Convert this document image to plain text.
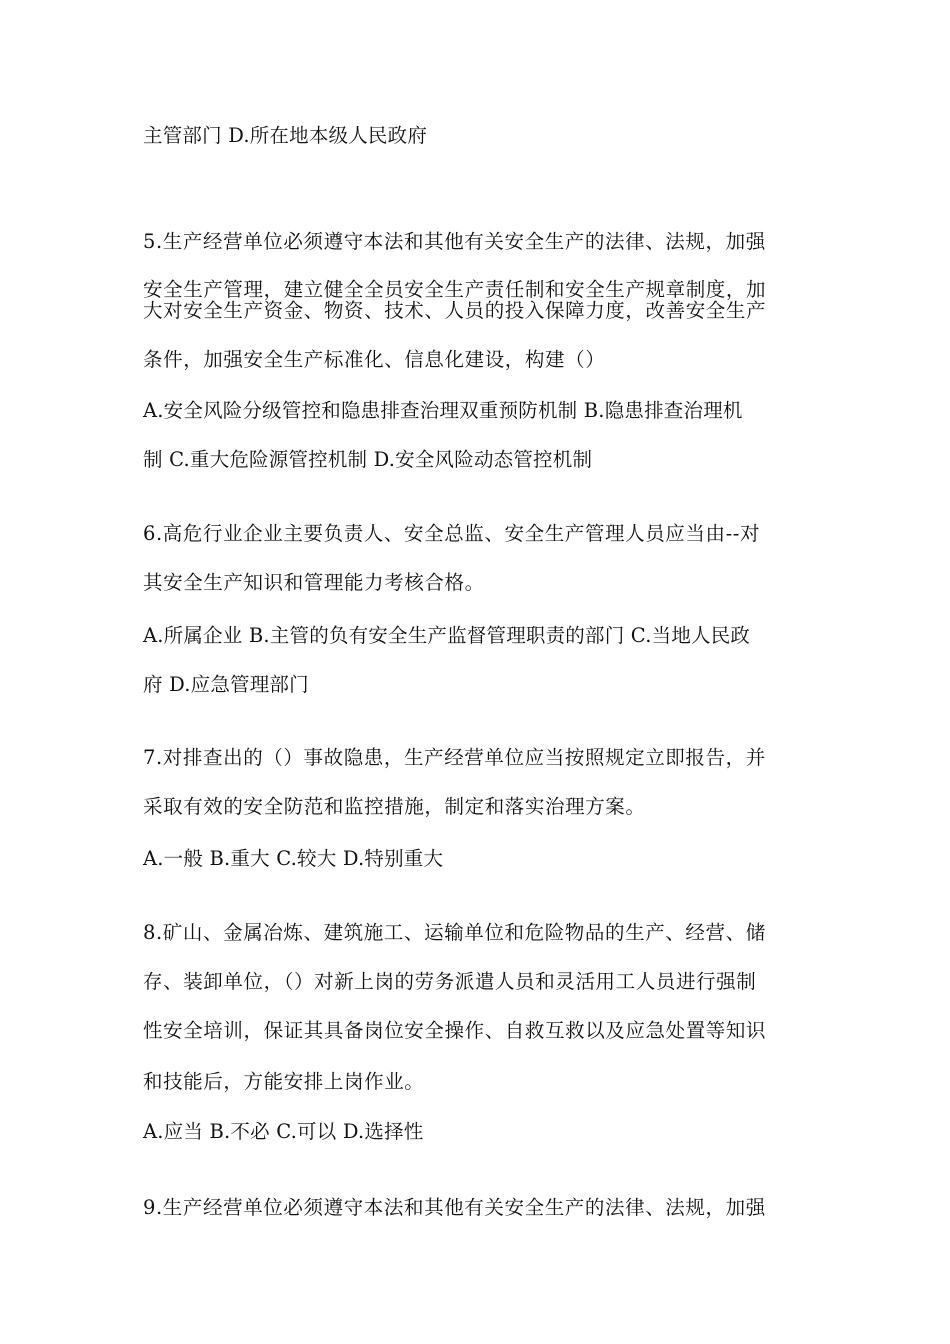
主管部门 D.所在地本级人民政府
5.生产经营单位必须遵守本法和其他有关安全生产的法律、法规，加强
安全生产管理，建立健全全员安全生产责任制和安全生产规章制度，加
大对安全生产资金、物资、技术、人员的投入保障力度，改善安全生产
条件，加强安全生产标准化、信息化建设，构建（）
A.安全风险分级管控和隐患排查治理双重预防机制 B.隐患排查治理机
制 C.重大危险源管控机制 D.安全风险动态管控机制
6.高危行业企业主要负责人、安全总监、安全生产管理人员应当由--对
其安全生产知识和管理能力考核合格。
A.所属企业 B.主管的负有安全生产监督管理职责的部门 C.当地人民政
府 D.应急管理部门
7.对排查出的（）事故隐患，生产经营单位应当按照规定立即报告，并
采取有效的安全防范和监控措施，制定和落实治理方案。
A.一般 B.重大 C.较大 D.特别重大
8.矿山、金属冶炼、建筑施工、运输单位和危险物品的生产、经营、储
存、装卸单位，（）对新上岗的劳务派遣人员和灵活用工人员进行强制
性安全培训，保证其具备岗位安全操作、自救互救以及应急处置等知识
和技能后，方能安排上岗作业。
A.应当 B.不必 C.可以 D.选择性
9.生产经营单位必须遵守本法和其他有关安全生产的法律、法规，加强
